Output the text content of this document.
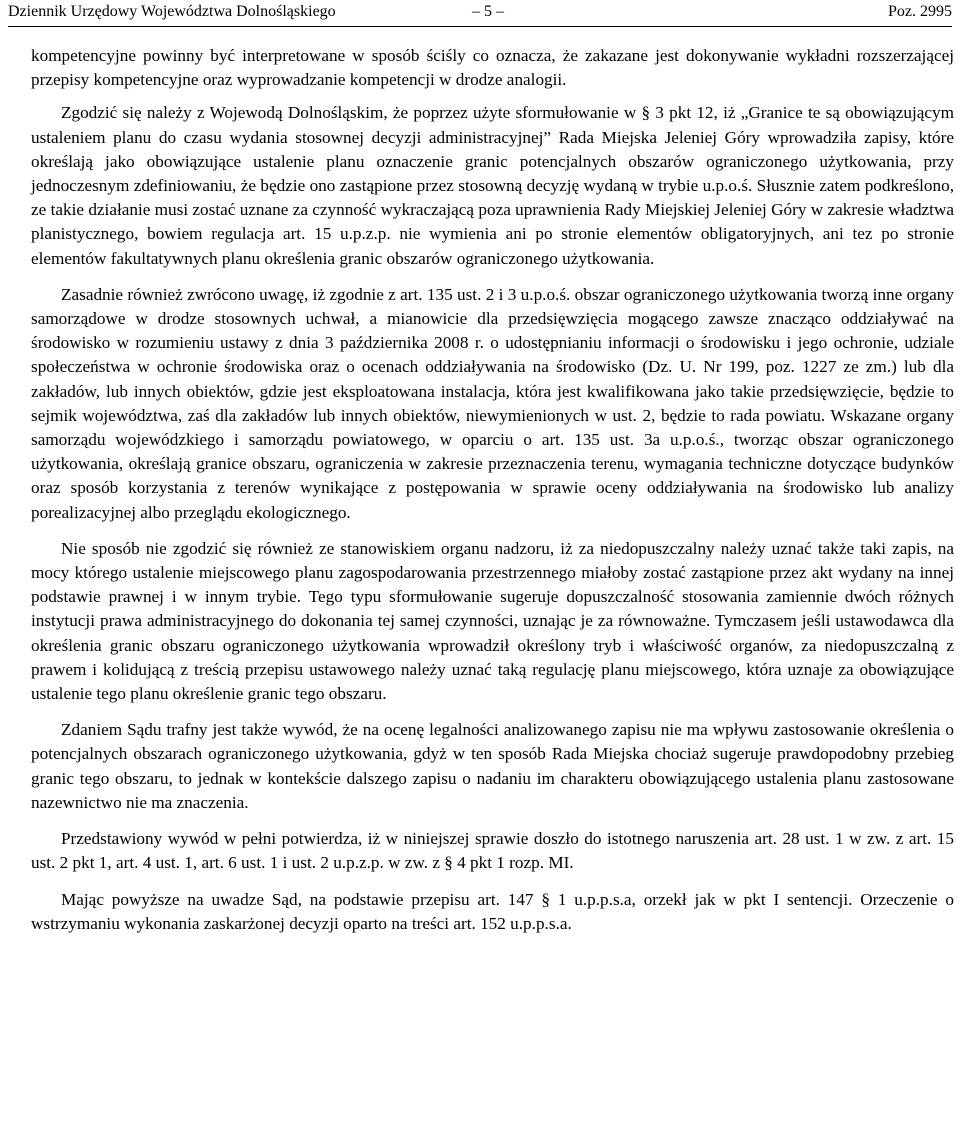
Dziennik Urzędowy Województwa Dolnośląskiego	– 5 –	Poz. 2995

kompetencyjne powinny być interpretowane w sposób ściśly co oznacza, że zakazane jest dokonywanie wykładni rozszerzającej przepisy kompetencyjne oraz wyprowadzanie kompetencji w drodze analogii.

Zgodzić się należy z Wojewodą Dolnośląskim, że poprzez użyte sformułowanie w § 3 pkt 12, iż „Granice te są obowiązującym ustaleniem planu do czasu wydania stosownej decyzji administracyjnej” Rada Miejska Jeleniej Góry wprowadziła zapisy, które określają jako obowiązujące ustalenie planu oznaczenie granic potencjalnych obszarów ograniczonego użytkowania, przy jednoczesnym zdefiniowaniu, że będzie ono zastąpione przez stosowną decyzję wydaną w trybie u.p.o.ś. Słusznie zatem podkreślono, ze takie działanie musi zostać uznane za czynność wykraczającą poza uprawnienia Rady Miejskiej Jeleniej Góry w zakresie władztwa planistycznego, bowiem regulacja art. 15 u.p.z.p. nie wymienia ani po stronie elementów obligatoryjnych, ani tez po stronie elementów fakultatywnych planu określenia granic obszarów ograniczonego użytkowania.

Zasadnie również zwrócono uwagę, iż zgodnie z art. 135 ust. 2 i 3 u.p.o.ś. obszar ograniczonego użytkowania tworzą inne organy samorządowe w drodze stosownych uchwał, a mianowicie dla przedsięwzięcia mogącego zawsze znacząco oddziaływać na środowisko w rozumieniu ustawy z dnia 3 października 2008 r. o udostępnianiu informacji o środowisku i jego ochronie, udziale społeczeństwa w ochronie środowiska oraz o ocenach oddziaływania na środowisko (Dz. U. Nr 199, poz. 1227 ze zm.) lub dla zakładów, lub innych obiektów, gdzie jest eksploatowana instalacja, która jest kwalifikowana jako takie przedsięwzięcie, będzie to sejmik województwa, zaś dla zakładów lub innych obiektów, niewymienionych w ust. 2, będzie to rada powiatu. Wskazane organy samorządu wojewódzkiego i samorządu powiatowego, w oparciu o art. 135 ust. 3a u.p.o.ś., tworząc obszar ograniczonego użytkowania, określają granice obszaru, ograniczenia w zakresie przeznaczenia terenu, wymagania techniczne dotyczące budynków oraz sposób korzystania z terenów wynikające z postępowania w sprawie oceny oddziaływania na środowisko lub analizy porealizacyjnej albo przeglądu ekologicznego.

Nie sposób nie zgodzić się również ze stanowiskiem organu nadzoru, iż za niedopuszczalny należy uznać także taki zapis, na mocy którego ustalenie miejscowego planu zagospodarowania przestrzennego miałoby zostać zastąpione przez akt wydany na innej podstawie prawnej i w innym trybie. Tego typu sformułowanie sugeruje dopuszczalność stosowania zamiennie dwóch różnych instytucji prawa administracyjnego do dokonania tej samej czynności, uznając je za równoważne. Tymczasem jeśli ustawodawca dla określenia granic obszaru ograniczonego użytkowania wprowadził określony tryb i właściwość organów, za niedopuszczalną z prawem i kolidującą z treścią przepisu ustawowego należy uznać taką regulację planu miejscowego, która uznaje za obowiązujące ustalenie tego planu określenie granic tego obszaru.

Zdaniem Sądu trafny jest także wywód, że na ocenę legalności analizowanego zapisu nie ma wpływu zastosowanie określenia o potencjalnych obszarach ograniczonego użytkowania, gdyż w ten sposób Rada Miejska chociaż sugeruje prawdopodobny przebieg granic tego obszaru, to jednak w kontekście dalszego zapisu o nadaniu im charakteru obowiązującego ustalenia planu zastosowane nazewnictwo nie ma znaczenia.

Przedstawiony wywód w pełni potwierdza, iż w niniejszej sprawie doszło do istotnego naruszenia art. 28 ust. 1 w zw. z art. 15 ust. 2 pkt 1, art. 4 ust. 1, art. 6 ust. 1 i ust. 2 u.p.z.p. w zw. z § 4 pkt 1 rozp. MI.

Mając powyższe na uwadze Sąd, na podstawie przepisu art. 147 § 1 u.p.p.s.a, orzekł jak w pkt I sentencji. Orzeczenie o wstrzymaniu wykonania zaskarżonej decyzji oparto na treści art. 152 u.p.p.s.a.
